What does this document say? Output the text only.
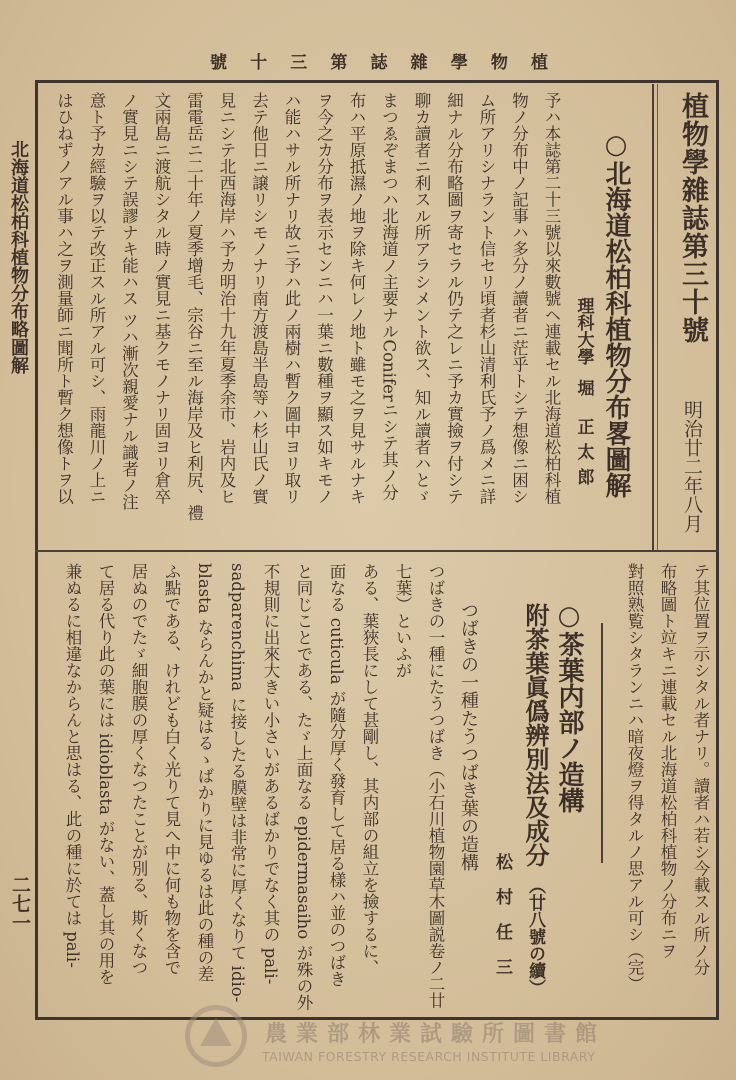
植
物
學
雜
誌
第
三
十
號
植物學雜誌第三十號
明治廿二年八月
○北海道松柏科植物分布畧圖解
理科大學堀 正太郎
予ハ本誌第二十三號以來數號ヘ連載セル北海道松柏科植
物ノ分布中ノ記事ハ多分ノ讀者ニ茫乎トシテ想像ニ困シ
ム所アリシナラント信セリ頃者杉山清利氏予ノ爲メニ詳
細ナル分布略圖ヲ寄セラル仍テ之レニ予カ實撿ヲ付シテ
聊カ讀者ニ利スル所アラシメント欲ス、知ル讀者ハとゞ
まつゑぞまつハ北海道ノ主要ナルConiferニシテ其ノ分
布ハ平原抵濕ノ地ヲ除キ何レノ地ト雖モ之ヲ見サルナキ
ヲ今之カ分布ヲ表示センニハ一葉ニ數種ヲ顯ス如キモノ
ハ能ハサル所ナリ故ニ予ハ此ノ兩樹ハ暫ク圖中ヨリ取リ
去テ他日ニ譲リシモノナリ南方渡島半島等ハ杉山氏ノ實
見ニシテ北西海岸ハ予カ明治十九年夏季余市、岩内及ヒ
雷電岳ニ二十年ノ夏季增毛、宗谷ニ至ル海岸及ヒ利尻、禮
文兩島ニ渡航シタル時ノ實見ニ基クモノナリ固ヨリ倉卒
ノ實見ニシテ誤謬ナキ能ハス ツハ漸次親愛ナル識者ノ注
意ト予カ經驗ヲ以テ改正スル所アル可シ、雨龍川ノ上ニ
はひねずノアル事ハ之ヲ測量師ニ聞所ト暫ク想像トヲ以
テ其位置ヲ示シタル者ナリ。讀者ハ若シ今載スル所ノ分
布略圖ト竝キニ連載セル北海道松柏科植物ノ分布ニヲ
對照熟覧シタランニハ暗夜燈ヲ得タルノ思アル可シ（完）
○茶葉内部ノ造構
附茶葉眞僞辨別法及成分（廿八號の續）
松村任三
つばきの一種たうつばき葉の造構
つばきの一種にたうつばき（小石川植物園草木圖説卷ノ二廿七葉）といふが
ある、葉狹長にして甚剛し、其内部の組立を撿するに、
面なる cuticula が隨分厚く發育して居る樣ハ並のつばき
と同じことである、たゞ上面なる epidermasaiho が殊の外
不規則に出來大きい小さいがあるばかりでなく其の pali-
sadparenchima に接したる膜壁は非常に厚くなりて idio-
blasta ならんかと疑はるゝばかりに見ゆるは此の種の差
ふ點である、けれども白く光りて見へ中に何も物を含で
居ぬのでたゞ細胞膜の厚くなつたことが別る、斯くなつ
て居る代り此の葉には idioblasta がない、蓋し其の用を
兼ぬるに相違なからんと思はる、此の種に於ては pali-
北海道松柏科植物分布略圖解
二七一
農業部林業試驗所圖書館
TAIWAN FORESTRY RESEARCH INSTITUTE LIBRARY
